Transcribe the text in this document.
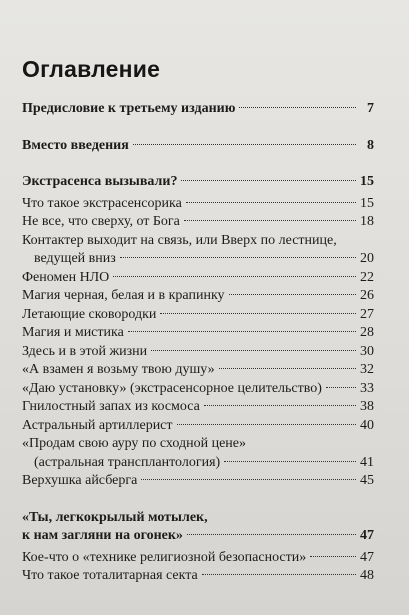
Оглавление
Предисловие к третьему изданию	7
Вместо введения	8
Экстрасенса вызывали?	15
Что такое экстрасенсорика	15
Не все, что сверху, от Бога	18
Контактер выходит на связь, или Вверх по лестнице,
ведущей вниз	20
Феномен НЛО	22
Магия черная, белая и в крапинку	26
Летающие сковородки	27
Магия и мистика	28
Здесь и в этой жизни	30
«А взамен я возьму твою душу»	32
«Даю установку» (экстрасенсорное целительство)	33
Гнилостный запах из космоса	38
Астральный артиллерист	40
«Продам свою ауру по сходной цене»
(астральная трансплантология)	41
Верхушка айсберга	45
«Ты, легкокрылый мотылек,
к нам загляни на огонек»	47
Кое-что о «технике религиозной безопасности»	47
Что такое тоталитарная секта	48
